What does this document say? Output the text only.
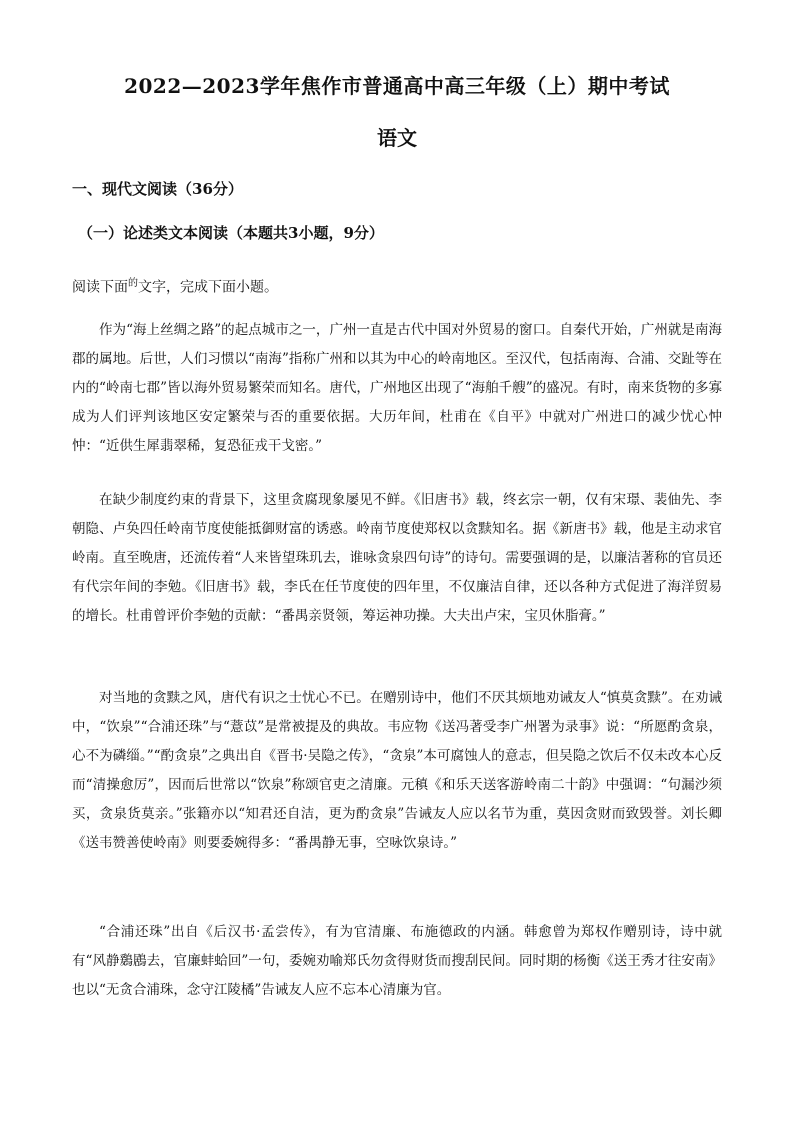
2022—2023学年焦作市普通高中高三年级（上）期中考试
语文
一、现代文阅读（36分）
（一）论述类文本阅读（本题共3小题，9分）

阅读下面$^的$文字，完成下面小题。

作为“海上丝绸之路”的起点城市之一，广州一直是古代中国对外贸易的窗口。自秦代开始，广州就是南海郡的属地。后世，人们习惯以“南海”指称广州和以其为中心的岭南地区。至汉代，包括南海、合浦、交趾等在内的“岭南七郡”皆以海外贸易繁荣而知名。唐代，广州地区出现了“海舶千艘”的盛况。有时，南来货物的多寡成为人们评判该地区安定繁荣与否的重要依据。大历年间，杜甫在《自平》中就对广州进口的减少忧心忡忡：“近供生犀翡翠稀，复恐征戎干戈密。”

在缺少制度约束的背景下，这里贪腐现象屡见不鲜。《旧唐书》载，终玄宗一朝，仅有宋璟、裴伷先、李朝隐、卢奂四任岭南节度使能抵御财富的诱惑。岭南节度使郑权以贪黩知名。据《新唐书》载，他是主动求官岭南。直至晚唐，还流传着“人来皆望珠玑去，谁咏贪泉四句诗”的诗句。需要强调的是，以廉洁著称的官员还有代宗年间的李勉。《旧唐书》载，李氏在任节度使的四年里，不仅廉洁自律，还以各种方式促进了海洋贸易的增长。杜甫曾评价李勉的贡献：“番禺亲贤领，筹运神功操。大夫出卢宋，宝贝休脂膏。”

对当地的贪黩之风，唐代有识之士忧心不已。在赠别诗中，他们不厌其烦地劝诫友人“慎莫贪黩”。在劝诫中，“饮泉”“合浦还珠”与“薏苡”是常被提及的典故。韦应物《送冯著受李广州署为录事》说：“所愿酌贪泉，心不为磷缁。”“酌贪泉”之典出自《晋书·吴隐之传》，“贪泉”本可腐蚀人的意志，但吴隐之饮后不仅未改本心反而“清操愈厉”，因而后世常以“饮泉”称颂官吏之清廉。元稹《和乐天送客游岭南二十韵》中强调：“句漏沙须买，贪泉货莫亲。”张籍亦以“知君还自洁，更为酌贪泉”告诫友人应以名节为重，莫因贪财而致毁誉。刘长卿《送韦赞善使岭南》则要委婉得多：“番禺静无事，空咏饮泉诗。”

“合浦还珠”出自《后汉书·孟尝传》，有为官清廉、布施德政的内涵。韩愈曾为郑权作赠别诗，诗中就有“风静鶢鶋去，官廉蚌蛤回”一句，委婉劝喻郑氏勿贪得财货而搜刮民间。同时期的杨衡《送王秀才往安南》也以“无贪合浦珠，念守江陵橘”告诫友人应不忘本心清廉为官。
